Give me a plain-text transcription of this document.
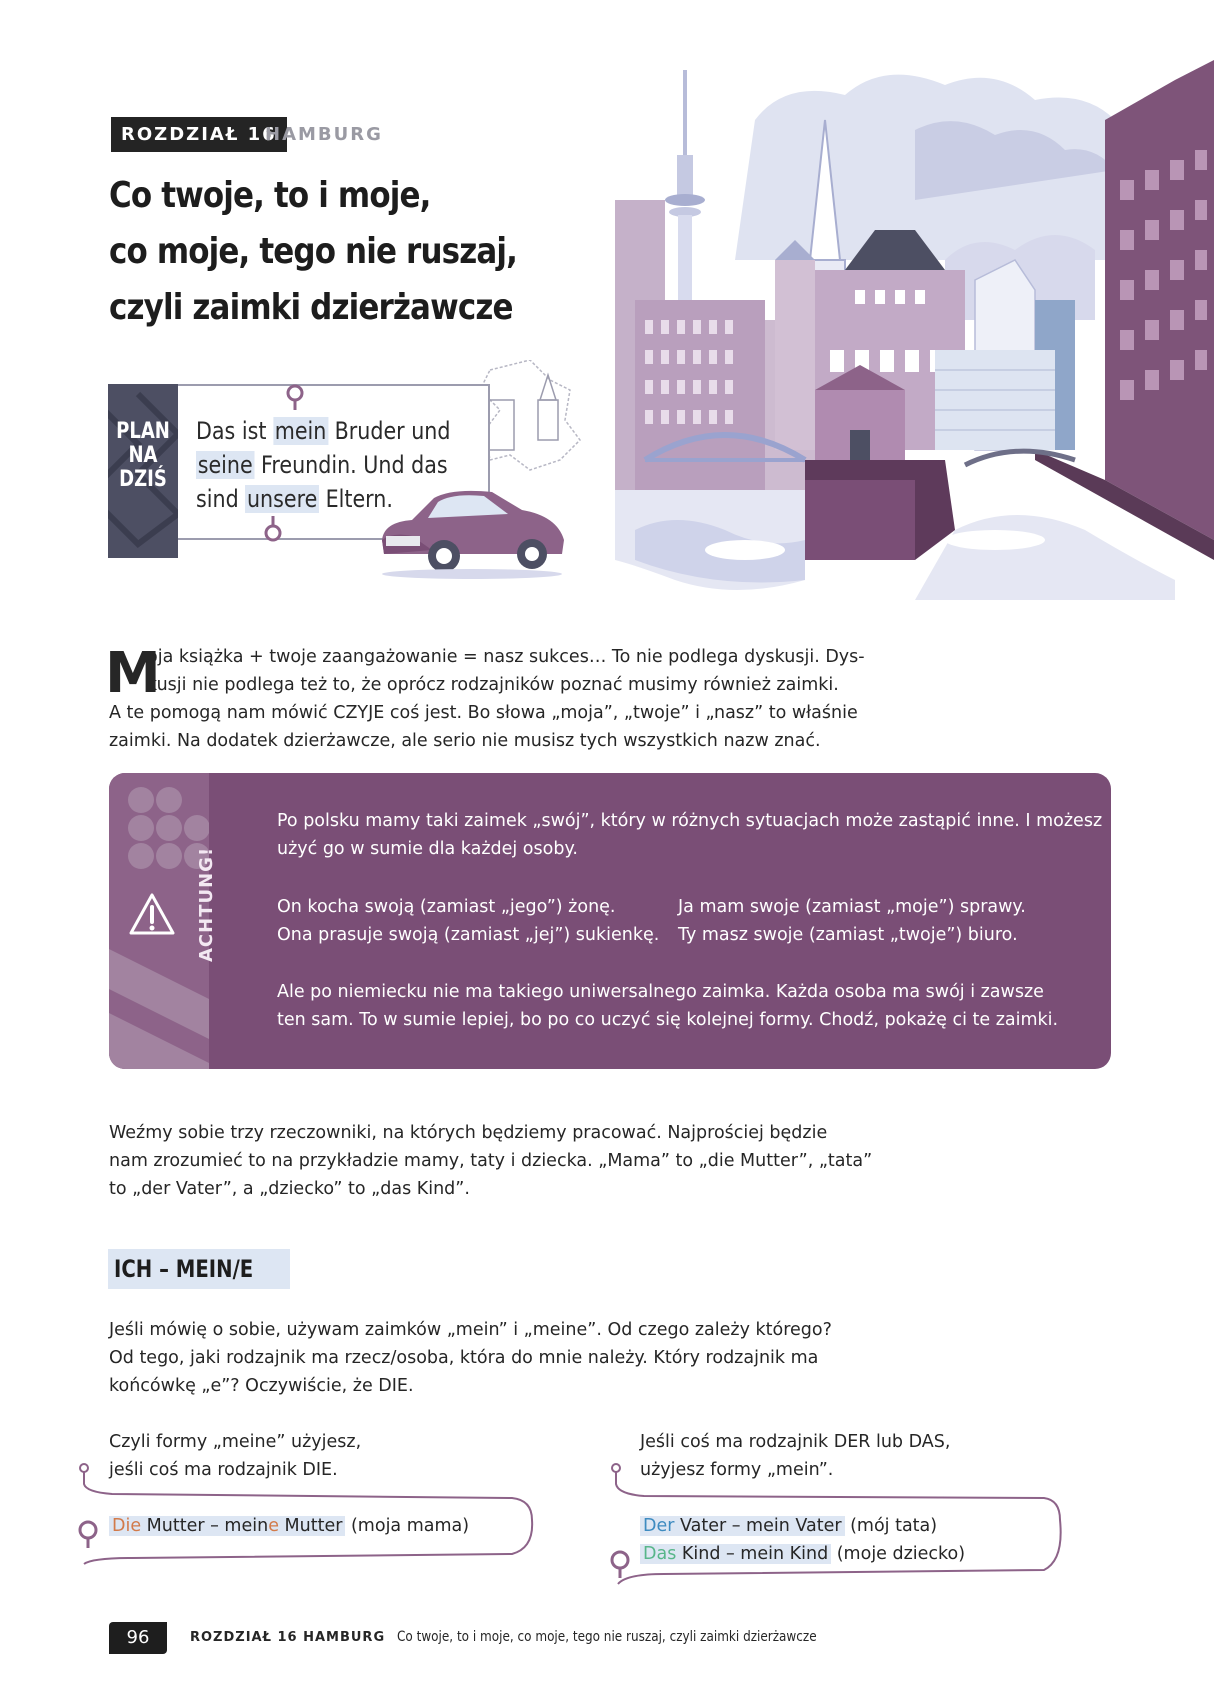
ROZDZIAŁ 16
HAMBURG
Co twoje, to i moje,
co moje, tego nie ruszaj,
czyli zaimki dzierżawcze
PLAN
NA
DZIŚ
Das ist mein Bruder und
seine Freundin. Und das
sind unsere Eltern.
M
oja książka + twoje zaangażowanie = nasz sukces… To nie podlega dyskusji. Dys-
kusji nie podlega też to, że oprócz rodzajników poznać musimy również zaimki.
A te pomogą nam mówić CZYJE coś jest. Bo słowa „moja”, „twoje” i „nasz” to właśnie
zaimki. Na dodatek dzierżawcze, ale serio nie musisz tych wszystkich nazw znać.
ACHTUNG!
Po polsku mamy taki zaimek „swój”, który w różnych sytuacjach może zastąpić inne. I możesz
użyć go w sumie dla każdej osoby.
On kocha swoją (zamiast „jego”) żonę.
Ona prasuje swoją (zamiast „jej”) sukienkę.
Ja mam swoje (zamiast „moje”) sprawy.
Ty masz swoje (zamiast „twoje”) biuro.
Ale po niemiecku nie ma takiego uniwersalnego zaimka. Każda osoba ma swój i zawsze
ten sam. To w sumie lepiej, bo po co uczyć się kolejnej formy. Chodź, pokażę ci te zaimki.
Weźmy sobie trzy rzeczowniki, na których będziemy pracować. Najprościej będzie
nam zrozumieć to na przykładzie mamy, taty i dziecka. „Mama” to „die Mutter”, „tata”
to „der Vater”, a „dziecko” to „das Kind”.
ICH – MEIN/E
Jeśli mówię o sobie, używam zaimków „mein” i „meine”. Od czego zależy którego?
Od tego, jaki rodzajnik ma rzecz/osoba, która do mnie należy. Który rodzajnik ma
końcówkę „e”? Oczywiście, że DIE.
Czyli formy „meine” użyjesz,
jeśli coś ma rodzajnik DIE.
Jeśli coś ma rodzajnik DER lub DAS,
użyjesz formy „mein”.
Die Mutter – meine Mutter (moja mama)	Der Vater – mein Vater (mój tata)
Das Kind – mein Kind (moje dziecko)
96	ROZDZIAŁ 16 HAMBURG Co twoje, to i moje, co moje, tego nie ruszaj, czyli zaimki dzierżawcze
